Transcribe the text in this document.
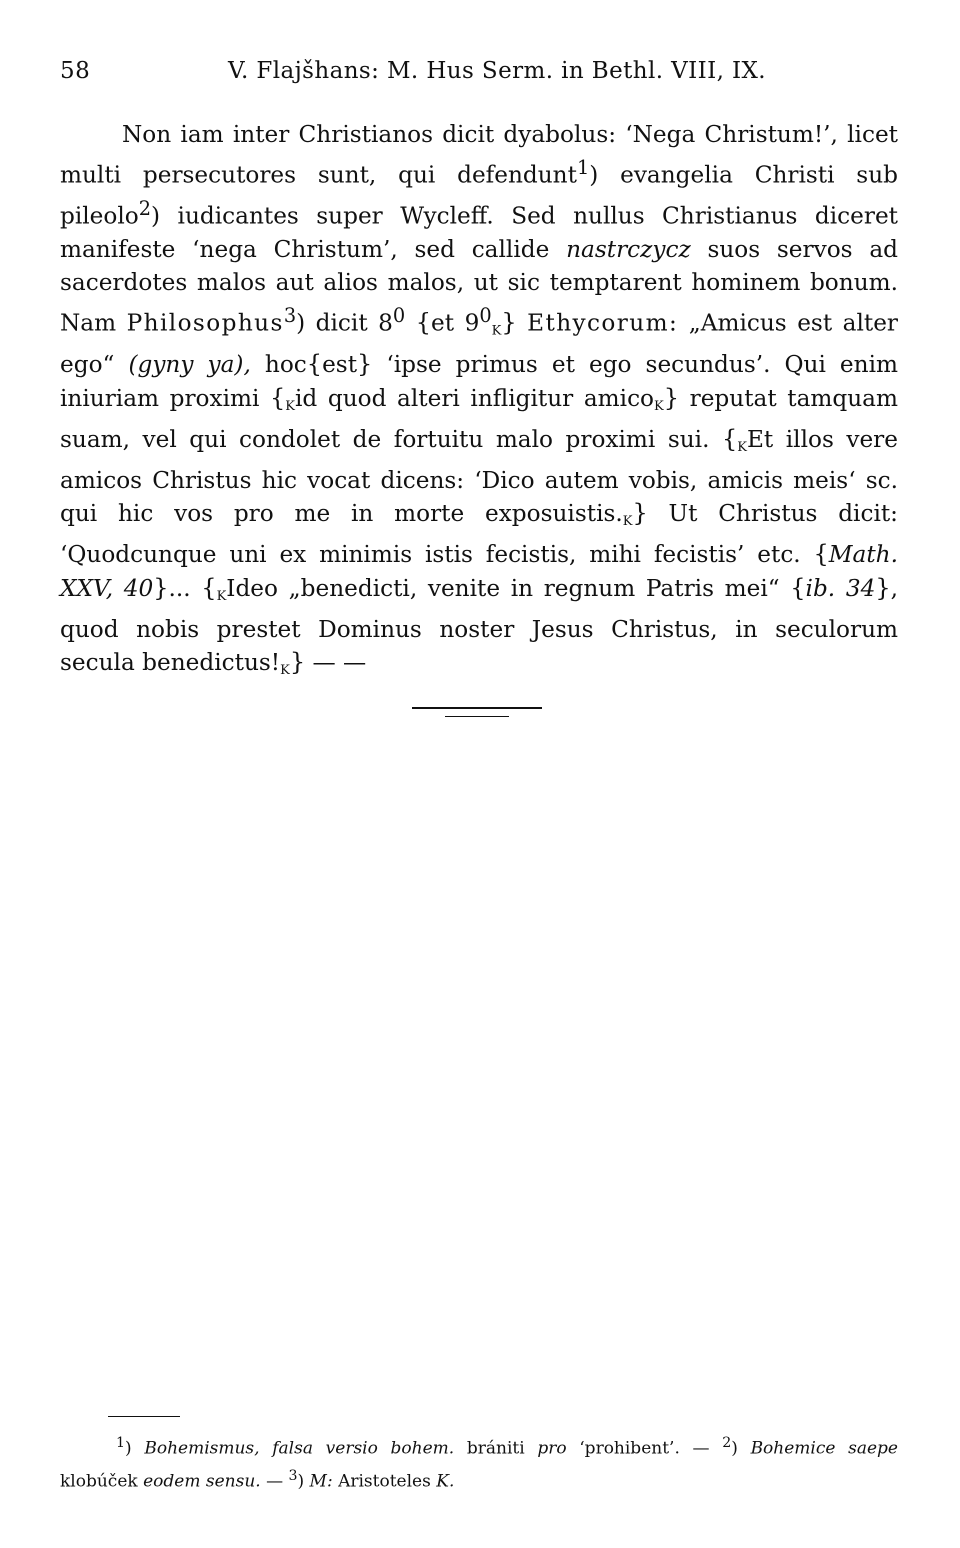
58	V. Flajšhans: M. Hus Serm. in Bethl. VIII, IX.

Non iam inter Christianos dicit dyabolus: ‘Nega Christum!’, licet multi persecutores sunt, qui defendunt$^1$) evangelia Christi sub pileolo$^2$) iudicantes super Wycleff. Sed nullus Christianus diceret manifeste ‘nega Christum’, sed callide nastrczycz suos servos ad sacerdotes malos aut alios malos, ut sic temptarent hominem bonum. Nam Philosophus$^3$) dicit $8^0$ {et $9^0K$} Ethycorum: „Amicus est alter ego“ (gyny ya), hoc{est} ‘ipse primus et ego secundus’. Qui enim iniuriam proximi {Kid quod alteri infligitur amicoK} reputat tamquam suam, vel qui condolet de fortuitu malo proximi sui. {KEt illos vere amicos Christus hic vocat dicens: ‘Dico autem vobis, amicis meis‘ sc. qui hic vos pro me in morte exposuistis.K} Ut Christus dicit: ‘Quodcunque uni ex minimis istis fecistis, mihi fecistis’ etc. {Math. XXV, 40}... {KIdeo „benedicti, venite in regnum Patris mei“ {ib. 34}, quod nobis prestet Dominus noster Jesus Christus, in seculorum secula benedictus!K} — —

$^1$) Bohemismus, falsa versio bohem. brániti pro ‘prohibent’. — $^2$) Bohemice saepe klobúček eodem sensu. — $^3$) M: Aristoteles K.
